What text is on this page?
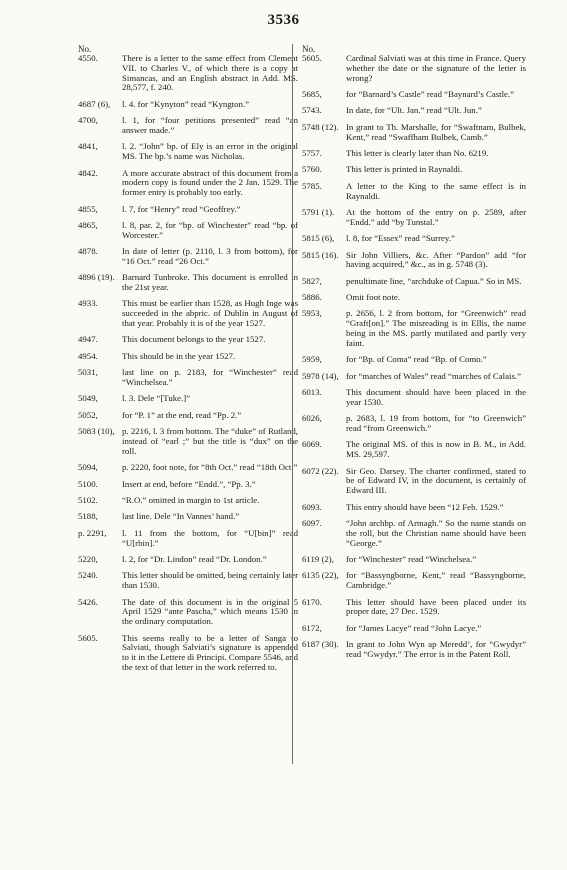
3536
No.
4550.	There is a letter to the same effect from Clement VII. to Charles V., of which there is a copy at Simancas, and an English abstract in Add. MS. 28,577, f. 240.
4687 (6),	l. 4. for “Kynyton” read “Kyngton.”
4700,	l. 1, for “four petitions presented” read “an answer made.”
4841,	l. 2. “John” bp. of Ely is an error in the original MS. The bp.’s name was Nicholas.
4842.	A more accurate abstract of this document from a modern copy is found under the 2 Jan. 1529. The former entry is probably too early.
4855,	l. 7, for “Henry” read “Geoffrey.”
4865,	l. 8, par. 2, for “bp. of Winchester” read “bp. of Worcester.”
4878.	In date of letter (p. 2110, l. 3 from bottom), for “16 Oct.” read “26 Oct.”
4896 (19). Barnard Tunbroke. This document is enrolled in the 21st year.
4933.	This must be earlier than 1528, as Hugh Inge was succeeded in the abpric. of Dublin in August of that year. Probably it is of the year 1527.
4947.	This document belongs to the year 1527.
4954.	This should be in the year 1527.
5031,	last line on p. 2183, for “Winchester” read “Winchelsea.”
5049,	l. 3. Dele “[Tuke.]”
5052,	for “P. 1” at the end, read “Pp. 2.”
5083 (10), p. 2216, l. 3 from bottom. The “duke” of Rutland, instead of “earl ;” but the title is “dux” on the roll.
5094,	p. 2220, foot note, for “8th Oct.” read “18th Oct.”
5100.	Insert at end, before “Endd.”, “Pp. 3.”
5102.	“R.O.” omitted in margin to 1st article.
5188,	last line. Dele “In Vannes’ hand.”
p. 2291,	l. 11 from the bottom, for “U[bin]” read “U[rbin].”
5220,	l. 2, for “Dr. Lindon” read “Dr. London.”
5240.	This letter should be omitted, being certainly later than 1530.
5426.	The date of this document is in the original 5 April 1529 “ante Pascha,” which means 1530 in the ordinary computation.
5605.	This seems really to be a letter of Sanga to Salviati, though Salviati’s signature is appended to it in the Lettere di Principi. Compare 5546, and the text of that letter in the work referred to.
No.
5605.	Cardinal Salviati was at this time in France. Query whether the date or the signature of the letter is wrong?
5685,	for “Barnard’s Castle” read “Baynard’s Castle.”
5743.	In date, for “Ult. Jan.” read “Ult. Jun.”
5748 (12). In grant to Th. Marshalle, for “Swaftnam, Bulbek, Kent,” read “Swaffham Bulbek, Camb.”
5757.	This letter is clearly later than No. 6219.
5760.	This letter is printed in Raynaldi.
5785.	A letter to the King to the same effect is in Raynaldi.
5791 (1).	At the bottom of the entry on p. 2589, after “Endd.” add “by Tunstal.”
5815 (6),	l. 8, for “Essex” read “Surrey.”
5815 (16). Sir John Villiers, &c. After “Pardon” add “for having acquired,” &c., as in g. 5748 (3).
5827,	penultimate line, “archduke of Capua.” So in MS.
5886.	Omit foot note.
5953,	p. 2656, l. 2 from bottom, for “Greenwich” read “Graft[on].” The misreading is in Ellis, the name being in the MS. partly mutilated and partly very faint.
5959,	for “Bp. of Coma” read “Bp. of Como.”
5978 (14), for “marches of Wales” read “marches of Calais.”
6013.	This document should have been placed in the year 1530.
6026,	p. 2683, l. 19 from bottom, for “to Greenwich” read “from Greenwich.”
6069.	The original MS. of this is now in B. M., in Add. MS. 29,597.
6072 (22). Sir Geo. Darsey. The charter confirmed, stated to be of Edward IV, in the document, is certainly of Edward III.
6093.	This entry should have been “12 Feb. 1529.”
6097.	“John archbp. of Armagh.” So the name stands on the roll, but the Christian name should have been “George.”
6119 (2),	for “Winchester” read “Winchelsea.”
6135 (22), for “Bassyngborne, Kent,” read “Bassyngborne, Cambridge.”
6170.	This letter should have been placed under its proper date, 27 Dec. 1529.
6172,	for “James Lacye” read “John Lacye.”
6187 (30). In grant to John Wyn ap Meredd’, for “Gwydyr” read “Gwydyr.” The error is in the Patent Roll.
